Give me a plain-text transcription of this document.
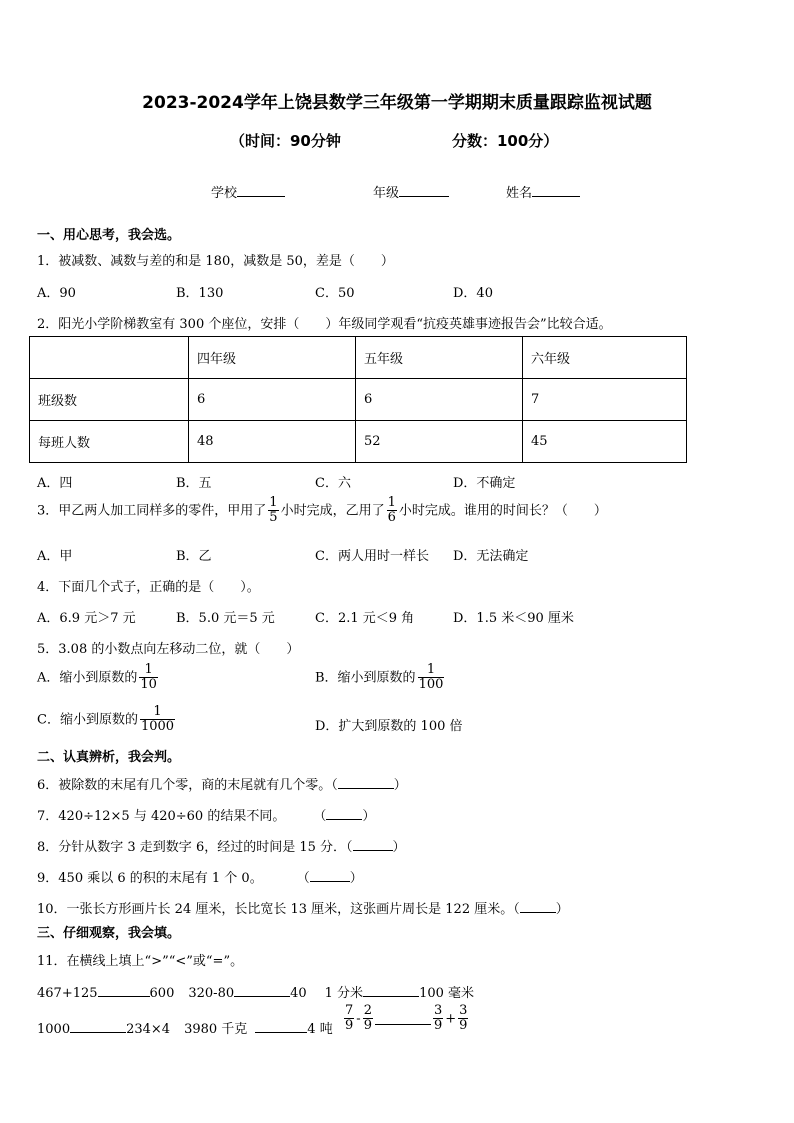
2023-2024学年上饶县数学三年级第一学期期末质量跟踪监视试题
（时间：90分钟	分数：100分）
学校	年级	姓名
一、用心思考，我会选。
1．被减数、减数与差的和是 180，减数是 50，差是（　　）
A．90	B．130	C．50	D．40
2．阳光小学阶梯教室有 300 个座位，安排（　　）年级同学观看“抗疫英雄事迹报告会”比较合适。
	四年级	五年级	六年级
班级数	6	6	7
每班人数	48	52	45
A．四	B．五	C．六	D．不确定
3．甲乙两人加工同样多的零件，甲用了 $\frac{1}{5}$ 小时完成，乙用了 $\frac{1}{6}$ 小时完成。谁用的时间长？（　　）
A．甲	B．乙	C．两人用时一样长 D．无法确定
4．下面几个式子，正确的是（　　）。
A．6.9 元＞7 元	B．5.0 元＝5 元	C．2.1 元＜9 角	D．1.5 米＜90 厘米
5．3.08 的小数点向左移动二位，就（　　）
A．缩小到原数的 $\frac{1}{10}$	B．缩小到原数的 $\frac{1}{100}$
C．缩小到原数的 $\frac{1}{1000}$	D．扩大到原数的 100 倍
二、认真辨析，我会判。
6．被除数的末尾有几个零，商的末尾就有几个零。（	）
7．420÷12×5 与 420÷60 的结果不同。 （	）
8．分针从数字 3 走到数字 6，经过的时间是 15 分．（	）
9．450 乘以 6 的积的末尾有 1 个 0。	（	）
10．一张长方形画片长 24 厘米，长比宽长 13 厘米，这张画片周长是 122 厘米。（	）
三、仔细观察，我会填。
11．在横线上填上“>”“<”或“=”。
467+125	600 320-80	40 1 分米	100 毫米
1000	234×4 3980 千克	4 吨 $\frac{7}{9} - \frac{2}{9}$	$\frac{3}{9} + \frac{3}{9}$
